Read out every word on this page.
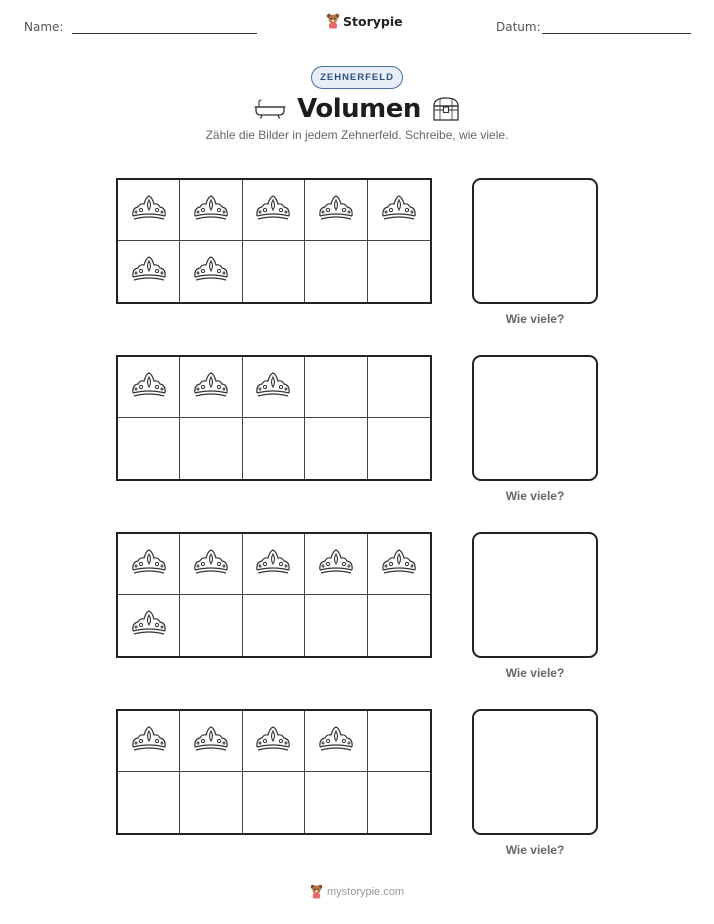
Name:	Storypie	Datum:
ZEHNERFELD
Volumen
Zähle die Bilder in jedem Zehnerfeld. Schreibe, wie viele.
Wie viele?
Wie viele?
Wie viele?
Wie viele?
mystorypie.com
